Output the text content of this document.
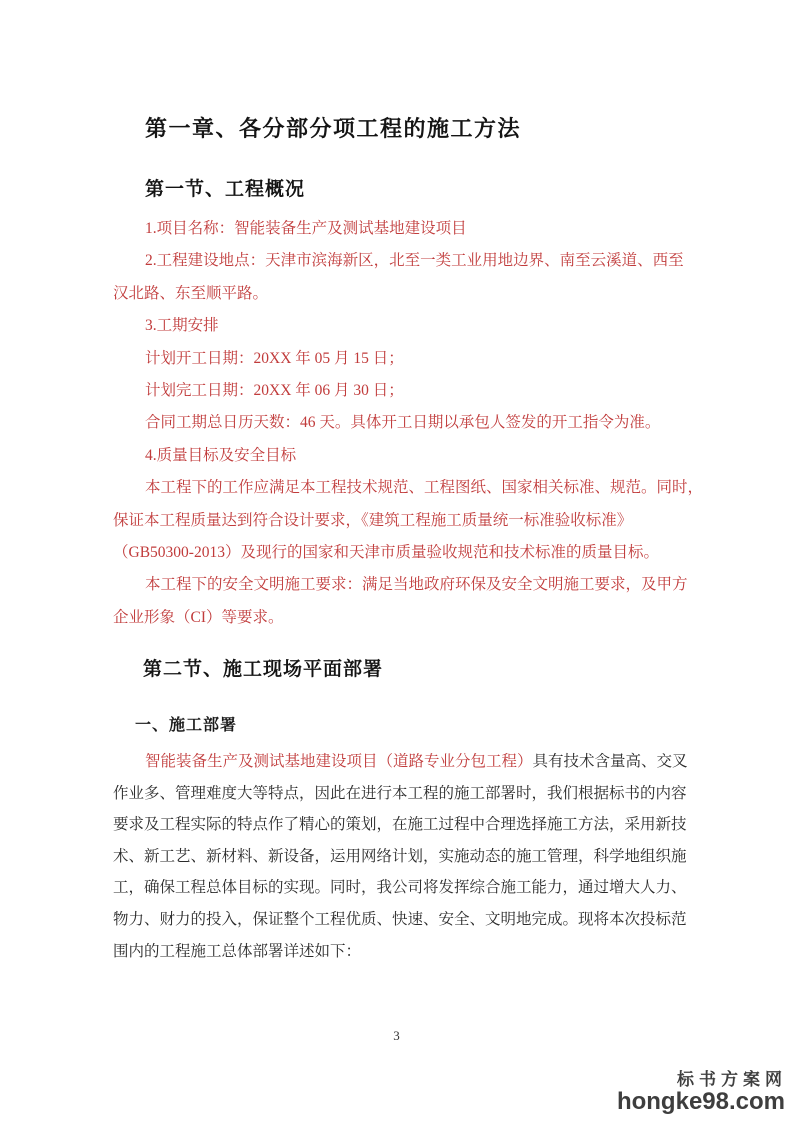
第一章、各分部分项工程的施工方法
第一节、工程概况
1.项目名称：智能装备生产及测试基地建设项目
2.工程建设地点：天津市滨海新区，北至一类工业用地边界、南至云溪道、西至
汉北路、东至顺平路。
3.工期安排
计划开工日期：20XX 年 05 月 15 日；
计划完工日期：20XX 年 06 月 30 日；
合同工期总日历天数：46 天。具体开工日期以承包人签发的开工指令为准。
4.质量目标及安全目标
本工程下的工作应满足本工程技术规范、工程图纸、国家相关标准、规范。同时，
保证本工程质量达到符合设计要求，《建筑工程施工质量统一标准验收标准》
（GB50300-2013）及现行的国家和天津市质量验收规范和技术标准的质量目标。
本工程下的安全文明施工要求：满足当地政府环保及安全文明施工要求，及甲方
企业形象（CI）等要求。
第二节、施工现场平面部署
一、施工部署
智能装备生产及测试基地建设项目（道路专业分包工程）具有技术含量高、交叉
作业多、管理难度大等特点，因此在进行本工程的施工部署时，我们根据标书的内容
要求及工程实际的特点作了精心的策划，在施工过程中合理选择施工方法，采用新技
术、新工艺、新材料、新设备，运用网络计划，实施动态的施工管理，科学地组织施
工，确保工程总体目标的实现。同时，我公司将发挥综合施工能力，通过增大人力、
物力、财力的投入，保证整个工程优质、快速、安全、文明地完成。现将本次投标范
围内的工程施工总体部署详述如下：
3
标书方案网
hongke98.com
